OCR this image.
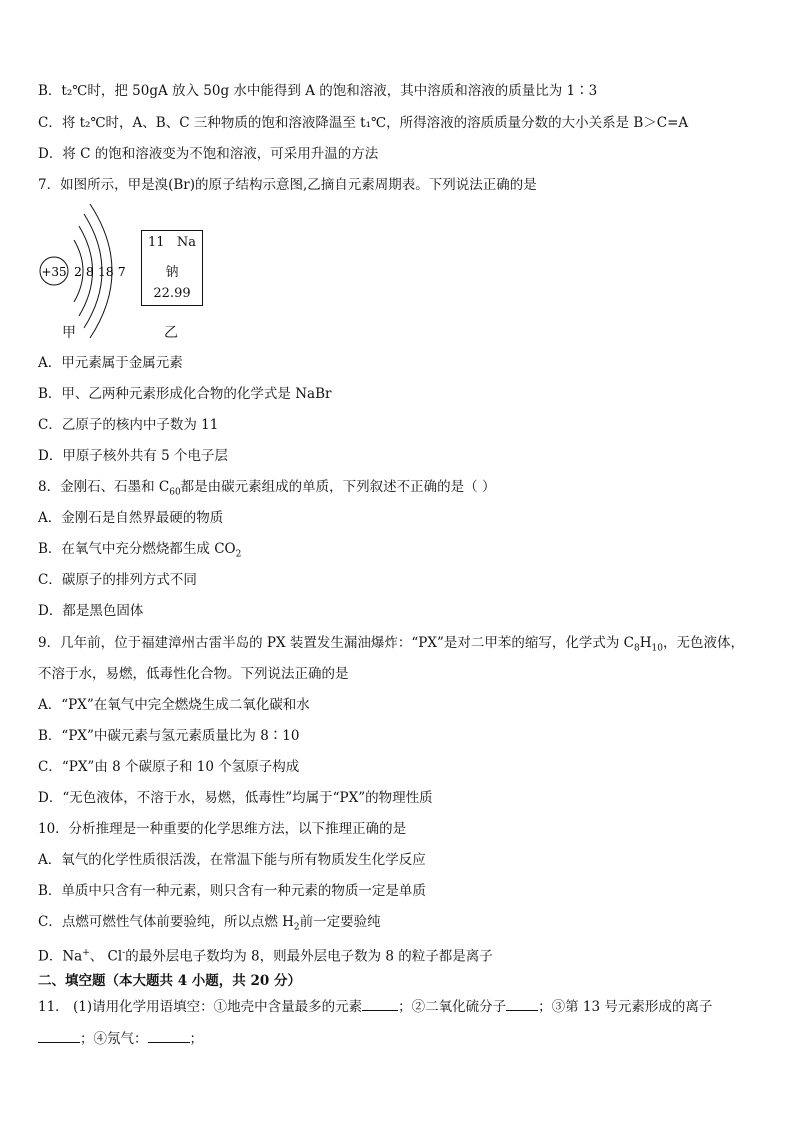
B．t₂℃时，把 50gA 放入 50g 水中能得到 A 的饱和溶液，其中溶质和溶液的质量比为 1∶3
C．将 t₂℃时，A、B、C 三种物质的饱和溶液降温至 t₁℃，所得溶液的溶质质量分数的大小关系是 B＞C=A
D．将 C 的饱和溶液变为不饱和溶液，可采用升温的方法
7．如图所示，甲是溴(Br)的原子结构示意图,乙摘自元素周期表。下列说法正确的是
+35 2 8 18 7
11 Na
钠
22.99
甲	乙
A．甲元素属于金属元素
B．甲、乙两种元素形成化合物的化学式是 NaBr
C．乙原子的核内中子数为 11
D．甲原子核外共有 5 个电子层
8．金刚石、石墨和 $C_{60}$都是由碳元素组成的单质，下列叙述不正确的是（ ）
A．金刚石是自然界最硬的物质
B．在氧气中充分燃烧都生成 $CO_2$
C．碳原子的排列方式不同
D．都是黑色固体
9．几年前，位于福建漳州古雷半岛的 PX 装置发生漏油爆炸：“PX”是对二甲苯的缩写，化学式为 $C_8H_{10}$，无色液体，
不溶于水，易燃，低毒性化合物。下列说法正确的是
A．“PX”在氧气中完全燃烧生成二氧化碳和水
B．“PX”中碳元素与氢元素质量比为 8∶10
C．“PX”由 8 个碳原子和 10 个氢原子构成
D．“无色液体，不溶于水，易燃，低毒性”均属于“PX”的物理性质
10．分析推理是一种重要的化学思维方法，以下推理正确的是
A．氧气的化学性质很活泼，在常温下能与所有物质发生化学反应
B．单质中只含有一种元素，则只含有一种元素的物质一定是单质
C．点燃可燃性气体前要验纯，所以点燃 $H_2$前一定要验纯
D．Na+、 Cl-的最外层电子数均为 8，则最外层电子数为 8 的粒子都是离子
二、填空题（本大题共 4 小题，共 20 分）
11． (1)请用化学用语填空：①地壳中含量最多的元素	；②二氧化硫分子 ；③第 13 号元素形成的离子
；④氖气：	；
